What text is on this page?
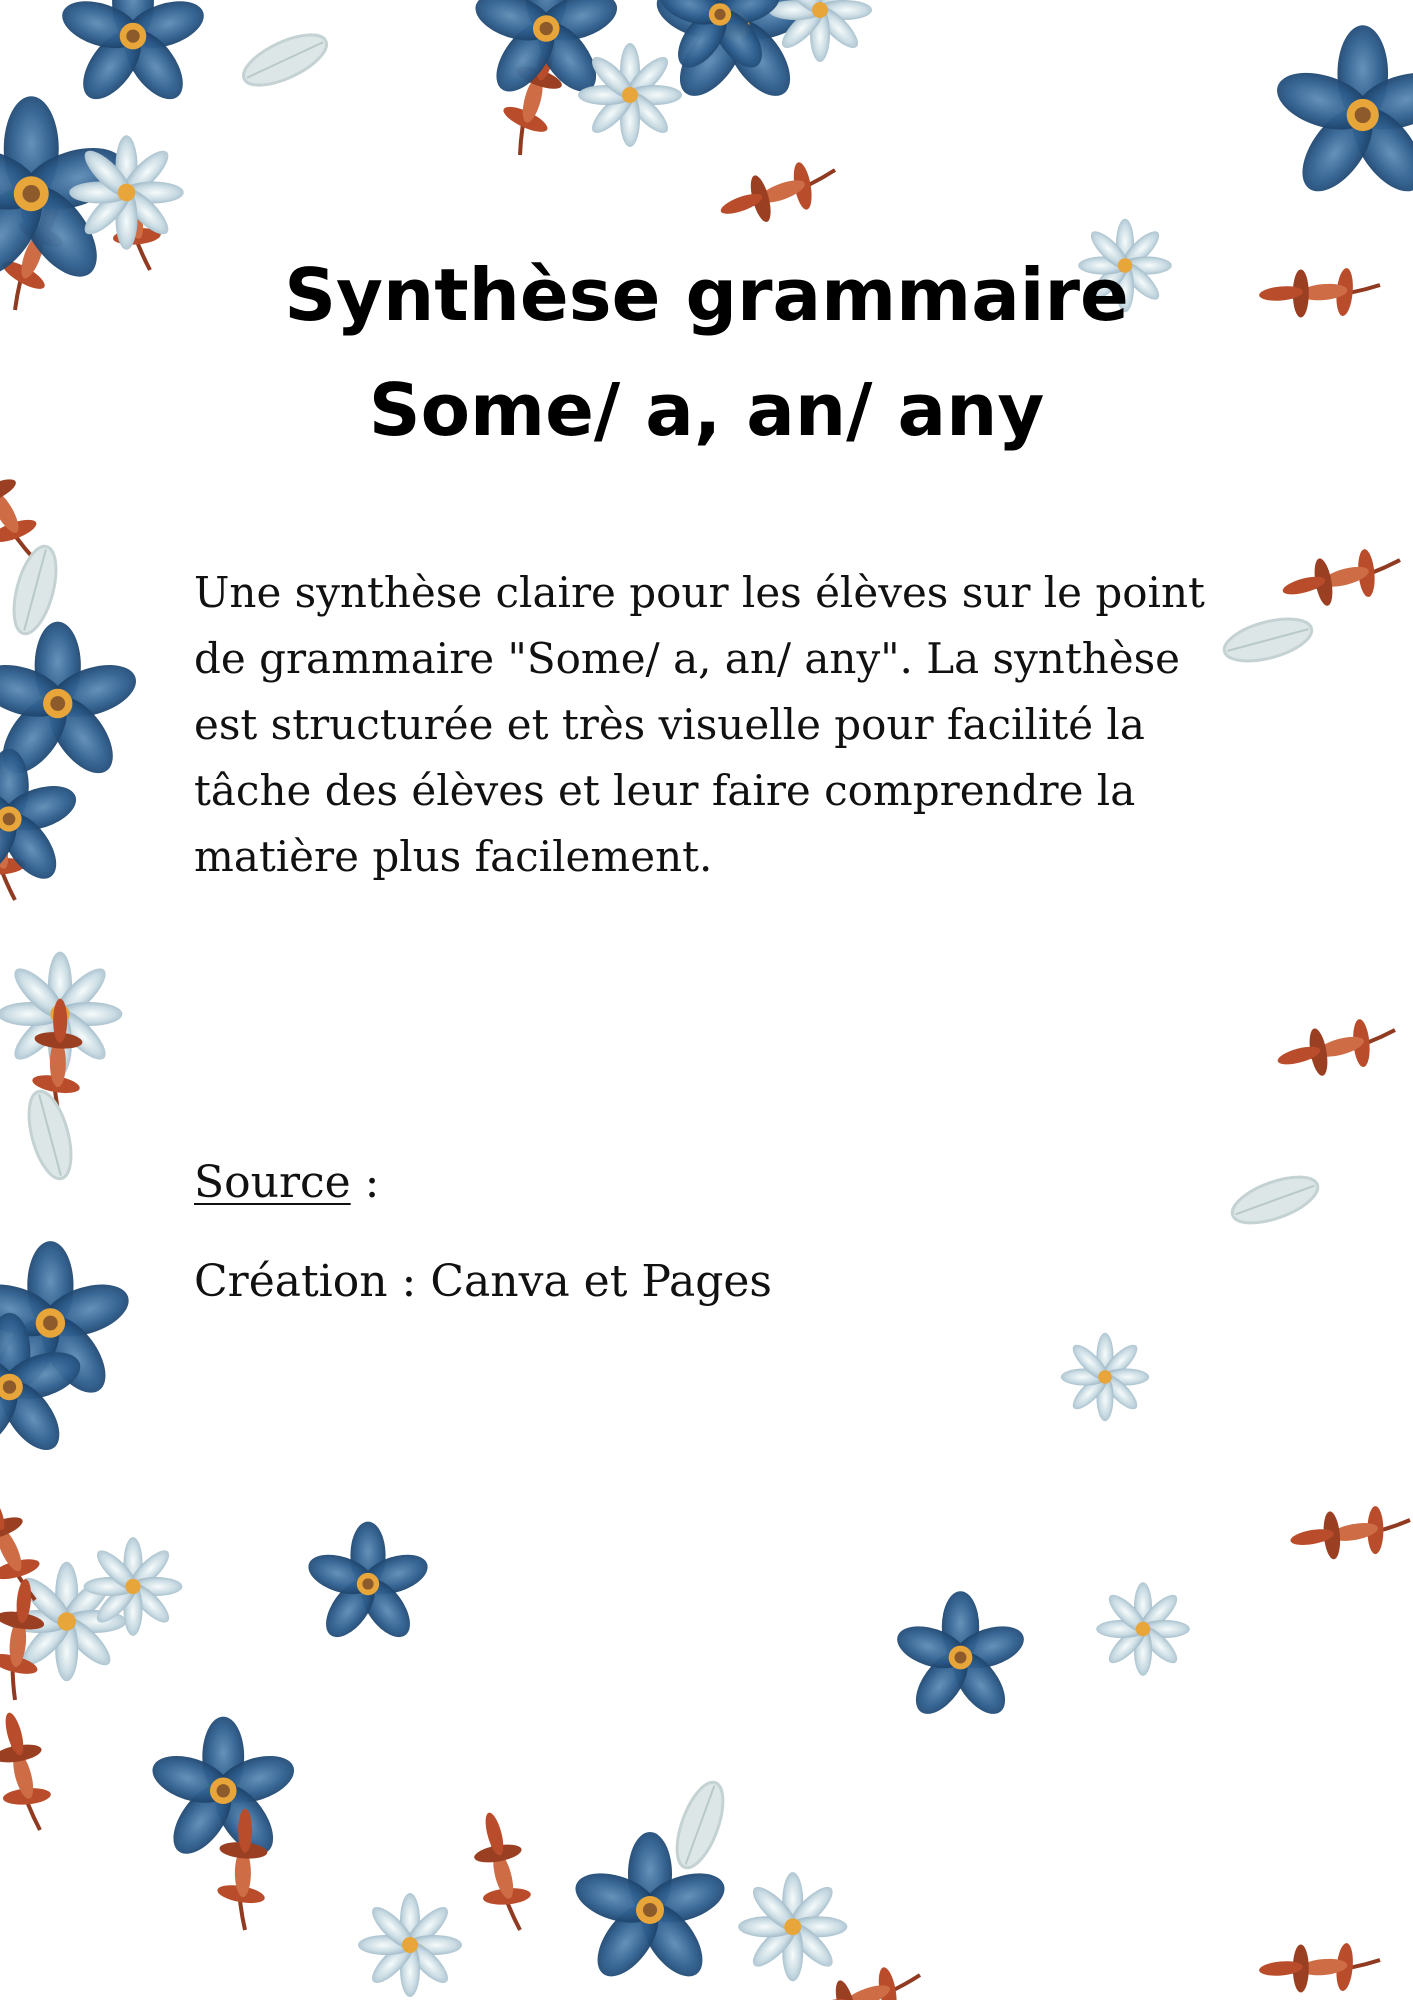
Synthèse grammaire
Some/ a, an/ any

Une synthèse claire pour les élèves sur le point de grammaire "Some/ a, an/ any". La synthèse est structurée et très visuelle pour facilité la tâche des élèves et leur faire comprendre la matière plus facilement.

Source :

Création : Canva et Pages
